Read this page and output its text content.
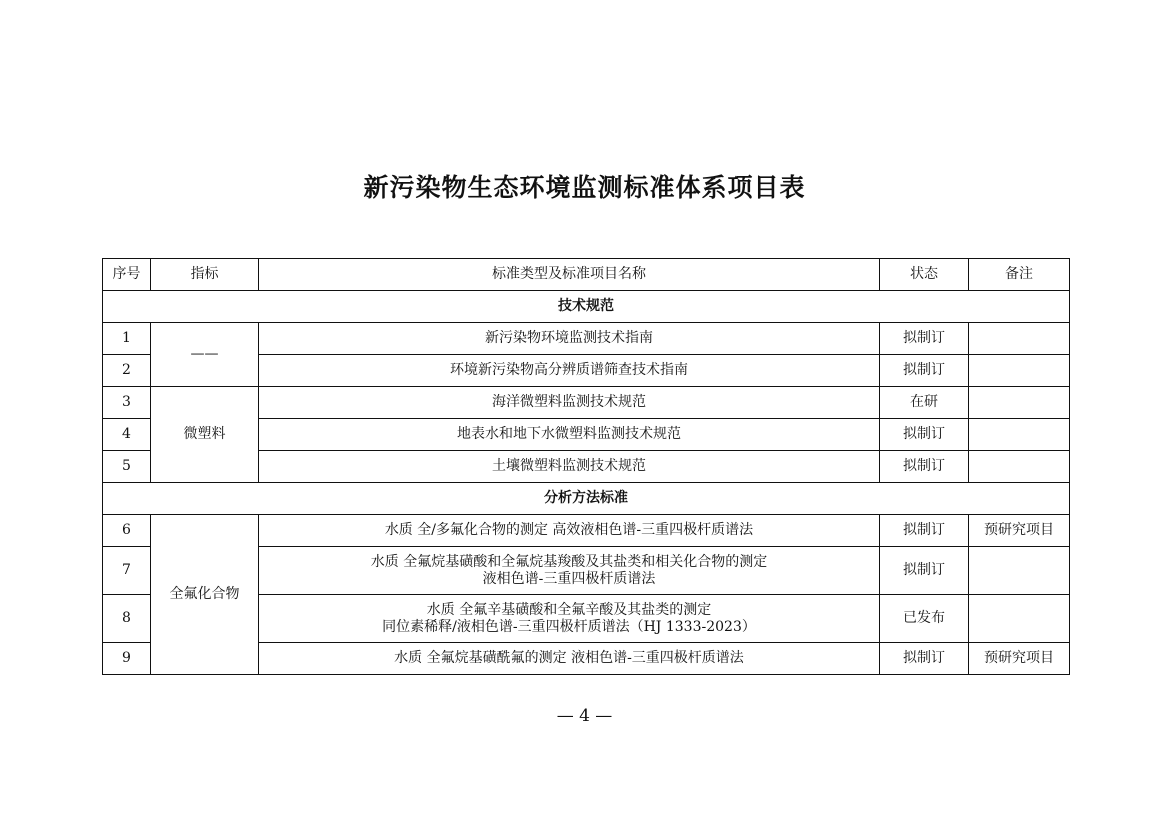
新污染物生态环境监测标准体系项目表
序号	指标	标准类型及标准项目名称	状态	备注
技术规范				
1	——	新污染物环境监测技术指南	拟制订	
2		环境新污染物高分辨质谱筛查技术指南	拟制订	
3	微塑料	海洋微塑料监测技术规范	在研	
4		地表水和地下水微塑料监测技术规范	拟制订	
5		土壤微塑料监测技术规范	拟制订	
分析方法标准				
6	全氟化合物	水质 全/多氟化合物的测定 高效液相色谱-三重四极杆质谱法	拟制订	预研究项目
7		水质 全氟烷基磺酸和全氟烷基羧酸及其盐类和相关化合物的测定
液相色谱-三重四极杆质谱法	拟制订	
8		水质 全氟辛基磺酸和全氟辛酸及其盐类的测定
同位素稀释/液相色谱-三重四极杆质谱法（HJ 1333-2023）	已发布	
9		水质 全氟烷基磺酰氟的测定 液相色谱-三重四极杆质谱法	拟制订	预研究项目
— 4 —
